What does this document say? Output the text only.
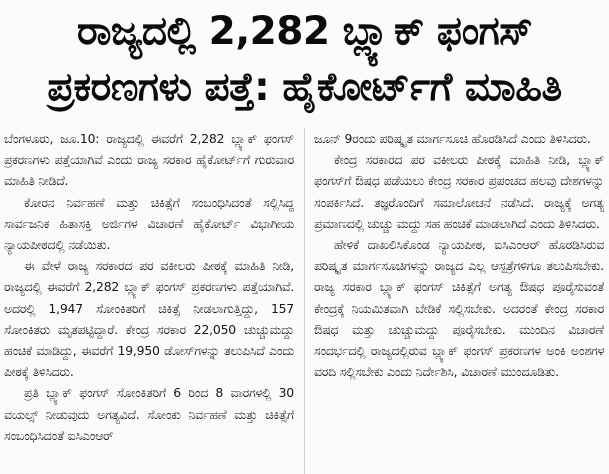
ರಾಜ್ಯದಲ್ಲಿ 2,282 ಬ್ಲ್ಯಾಕ್ ಫಂಗಸ್
ಪ್ರಕರಣಗಳು ಪತ್ತೆ: ಹೈಕೋರ್ಟ್‌ಗೆ ಮಾಹಿತಿ

ಬೆಂಗಳೂರು, ಜೂ.10: ರಾಜ್ಯದಲ್ಲಿ ಈವರೆಗೆ 2,282 ಬ್ಲ್ಯಾಕ್ ಫಂಗಸ್ ಪ್ರಕರಣಗಳು ಪತ್ತೆಯಾಗಿವೆ ಎಂದು ರಾಜ್ಯ ಸರಕಾರ ಹೈಕೋರ್ಟ್‌ಗೆ ಗುರುವಾರ ಮಾಹಿತಿ ನೀಡಿದೆ.

ಕೋರನ ನಿರ್ವಹಣೆ ಮತ್ತು ಚಿಕಿತ್ಸೆಗೆ ಸಂಬಂಧಿಸಿದಂತೆ ಸಲ್ಲಿಸಿದ್ದ ಸಾರ್ವಜನಿಕ ಹಿತಾಸಕ್ತಿ ಅರ್ಜಿಗಳ ವಿಚಾರಣೆ ಹೈಕೋರ್ಟ್ ವಿಭಾಗೀಯ ನ್ಯಾಯಪೀಠದಲ್ಲಿ ನಡೆಯಿತು.

ಈ ವೇಳೆ ರಾಜ್ಯ ಸರಕಾರದ ಪರ ವಕೀಲರು ಪೀಠಕ್ಕೆ ಮಾಹಿತಿ ನೀಡಿ, ರಾಜ್ಯದಲ್ಲಿ ಈವರೆಗೆ 2,282 ಬ್ಲ್ಯಾಕ್ ಫಂಗಸ್ ಪ್ರಕರಣಗಳು ಪತ್ತೆಯಾಗಿವೆ. ಅದರಲ್ಲಿ 1,947 ಸೋಂಕಿತರಿಗೆ ಚಿಕಿತ್ಸೆ ನೀಡಲಾಗುತ್ತಿದ್ದು, 157 ಸೋಂಕಿತರು ಮೃತಪಟ್ಟಿದ್ದಾರೆ. ಕೇಂದ್ರ ಸರಕಾರ 22,050 ಚುಚ್ಚುಮದ್ದು ಹಂಚಿಕೆ ಮಾಡಿದ್ದು, ಈವರೆಗೆ 19,950 ಡೋಸ್‌ಗಳನ್ನು ತಲುಪಿಸಿದೆ ಎಂದು ಪೀಠಕ್ಕೆ ತಿಳಿಸಿದರು.

ಪ್ರತಿ ಬ್ಲ್ಯಾಕ್ ಫಂಗಸ್ ಸೋಂಕಿತರಿಗೆ 6 ರಿಂದ 8 ವಾರಗಳಲ್ಲಿ 30 ವಯಲ್ಸ್ ನೀಡುವುದು ಅಗತ್ಯವಿದೆ. ಸೋಂಕು ನಿರ್ವಹಣೆ ಮತ್ತು ಚಿಕಿತ್ಸೆಗೆ ಸಂಬಂಧಿಸಿದಂತೆ ಐಸಿಎಂಆರ್

ಜೂನ್ 9ರಂದು ಪರಿಷ್ಕೃತ ಮಾರ್ಗಸೂಚಿ ಹೊರಡಿಸಿದೆ ಎಂದು ತಿಳಿಸಿದರು.

ಕೇಂದ್ರ ಸರಕಾರದ ಪರ ವಕೀಲರು ಪೀಠಕ್ಕೆ ಮಾಹಿತಿ ನೀಡಿ, ಬ್ಲ್ಯಾಕ್ ಫಂಗಸ್‌ಗೆ ಔಷಧ ಪಡೆಯಲು ಕೇಂದ್ರ ಸರಕಾರ ಪ್ರಪಂಚದ ಹಲವು ದೇಶಗಳನ್ನು ಸಂಪರ್ಕಿಸಿದೆ. ತಜ್ಞರೊಂದಿಗೆ ಸಮಾಲೋಚನೆ ನಡೆಸಿದೆ. ರಾಜ್ಯಕ್ಕೆ ಅಗತ್ಯ ಪ್ರಮಾಣದಲ್ಲಿ ಚುಚ್ಚು ಮದ್ದು ಸಹ ಹಂಚಿಕೆ ಮಾಡಲಾಗಿದೆ ಎಂದು ತಿಳಿಸಿದರು.

ಹೇಳಿಕೆ ದಾಖಲಿಸಿಕೊಂಡ ನ್ಯಾಯಪೀಠ, ಐಸಿಎಂಆರ್ ಹೊರಡಿಸಿರುವ ಪರಿಷ್ಕೃತ ಮಾರ್ಗಸೂಚಿಗಳನ್ನು ರಾಜ್ಯದ ಎಲ್ಲ ಆಸ್ಪತ್ರೆಗಳಿಗೂ ತಲುಪಿಸಬೇಕು. ರಾಜ್ಯ ಸರಕಾರ ಬ್ಲ್ಯಾಕ್ ಫಂಗಸ್ ಚಿಕಿತ್ಸೆಗೆ ಅಗತ್ಯ ಔಷಧ ಪೂರೈಸುವಂತೆ ಕೇಂದ್ರಕ್ಕೆ ನಿಯಮಿತವಾಗಿ ಬೇಡಿಕೆ ಸಲ್ಲಿಸಬೇಕು. ಅದರಂತೆ ಕೇಂದ್ರ ಸರಕಾರ ಔಷಧ ಮತ್ತು ಚುಚ್ಚುಮದ್ದು ಪೂರೈಸಬೇಕು. ಮುಂದಿನ ವಿಚಾರಣೆ ಸಂದರ್ಭದಲ್ಲಿ ರಾಜ್ಯದಲ್ಲಿರುವ ಬ್ಲ್ಯಾಕ್ ಫಂಗಸ್ ಪ್ರಕರಣಗಳ ಅಂಕಿ ಅಂಶಗಳ ವರದಿ ಸಲ್ಲಿಸಬೇಕು ಎಂದು ನಿರ್ದೇಶಿಸಿ, ವಿಚಾರಣೆ ಮುಂದೂಡಿತು.
